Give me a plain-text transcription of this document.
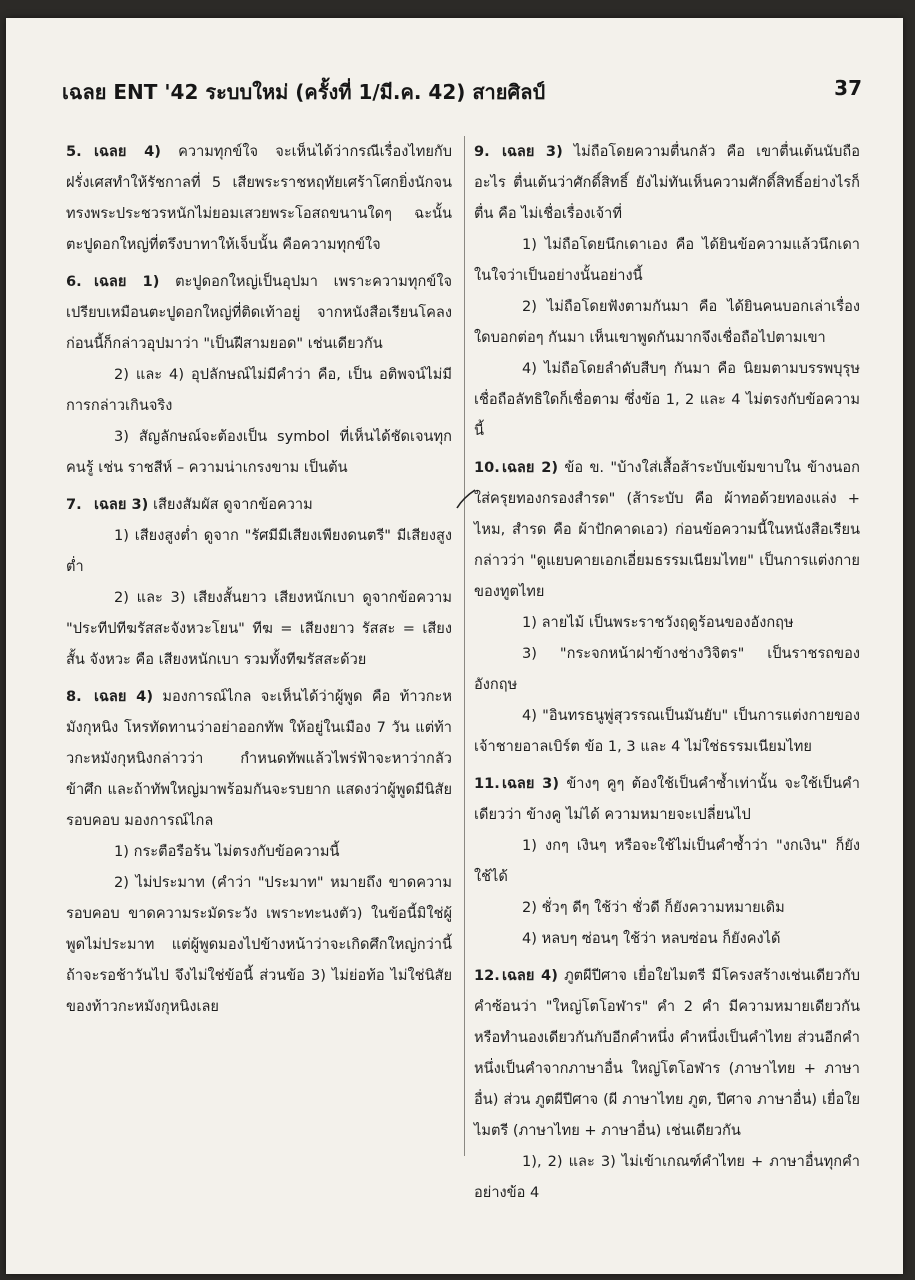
เฉลย ENT '42 ระบบใหม่ (ครั้งที่ 1/มี.ค. 42) สายศิลป์	37

5. เฉลย 4) ความทุกข์ใจ จะเห็นได้ว่ากรณีเรื่องไทยกับฝรั่งเศสทำให้รัชกาลที่ 5 เสียพระราชหฤทัยเศร้าโศกยิ่งนักจนทรงพระประชวรหนักไม่ยอมเสวยพระโอสถขนานใดๆ ฉะนั้นตะปูดอกใหญ่ที่ตรึงบาทาให้เจ็บนั้น คือความทุกข์ใจ

6. เฉลย 1) ตะปูดอกใหญ่เป็นอุปมา เพราะความทุกข์ใจเปรียบเหมือนตะปูดอกใหญ่ที่ติดเท้าอยู่ จากหนังสือเรียนโคลงก่อนนี้ก็กล่าวอุปมาว่า "เป็นฝีสามยอด" เช่นเดียวกัน

2) และ 4) อุปลักษณ์ไม่มีคำว่า คือ, เป็น อติพจน์ไม่มีการกล่าวเกินจริง

3) สัญลักษณ์จะต้องเป็น symbol ที่เห็นได้ชัดเจนทุกคนรู้ เช่น ราชสีห์ – ความน่าเกรงขาม เป็นต้น

7. เฉลย 3) เสียงสัมผัส ดูจากข้อความ

1) เสียงสูงต่ำ ดูจาก "รัศมีมีเสียงเพียงดนตรี" มีเสียงสูงต่ำ

2) และ 3) เสียงสั้นยาว เสียงหนักเบา ดูจากข้อความ "ประทีปทีฆรัสสะจังหวะโยน" ทีฆ = เสียงยาว รัสสะ = เสียงสั้น จังหวะ คือ เสียงหนักเบา รวมทั้งทีฆรัสสะด้วย

8. เฉลย 4) มองการณ์ไกล จะเห็นได้ว่าผู้พูด คือ ท้าวกะหมังกุหนิง โหรทัดทานว่าอย่าออกทัพ ให้อยู่ในเมือง 7 วัน แต่ท้าวกะหมังกุหนิงกล่าวว่า กำหนดทัพแล้วไพร่ฟ้าจะหาว่ากลัวข้าศึก และถ้าทัพใหญ่มาพร้อมกันจะรบยาก แสดงว่าผู้พูดมีนิสัยรอบคอบ มองการณ์ไกล

1) กระตือรือร้น ไม่ตรงกับข้อความนี้

2) ไม่ประมาท (คำว่า "ประมาท" หมายถึง ขาดความรอบคอบ ขาดความระมัดระวัง เพราะทะนงตัว) ในข้อนี้มิใช่ผู้พูดไม่ประมาท แต่ผู้พูดมองไปข้างหน้าว่าจะเกิดศึกใหญ่กว่านี้ถ้าจะรอช้าวันไป จึงไม่ใช่ข้อนี้ ส่วนข้อ 3) ไม่ย่อท้อ ไม่ใช่นิสัยของท้าวกะหมังกุหนิงเลย

9. เฉลย 3) ไม่ถือโดยความตื่นกลัว คือ เขาตื่นเต้นนับถืออะไร ตื่นเต้นว่าศักดิ์สิทธิ์ ยังไม่ทันเห็นความศักดิ์สิทธิ์อย่างไรก็ตื่น คือ ไม่เชื่อเรื่องเจ้าที่

1) ไม่ถือโดยนึกเดาเอง คือ ได้ยินข้อความแล้วนึกเดาในใจว่าเป็นอย่างนั้นอย่างนี้

2) ไม่ถือโดยฟังตามกันมา คือ ได้ยินคนบอกเล่าเรื่องใดบอกต่อๆ กันมา เห็นเขาพูดกันมากจึงเชื่อถือไปตามเขา

4) ไม่ถือโดยลำดับสืบๆ กันมา คือ นิยมตามบรรพบุรุษ เชื่อถือลัทธิใดก็เชื่อตาม ซึ่งข้อ 1, 2 และ 4 ไม่ตรงกับข้อความนี้

10. เฉลย 2) ข้อ ข. "บ้างใส่เสื้อส้าระบับเข้มขาบใน ข้างนอกใส่ครุยทองกรองสำรด" (ส้าระบับ คือ ผ้าทอด้วยทองแล่ง + ไหม, สำรด คือ ผ้าปักคาดเอว) ก่อนข้อความนี้ในหนังสือเรียนกล่าวว่า "ดูแยบคายเอกเอี่ยมธรรมเนียมไทย" เป็นการแต่งกายของทูตไทย

1) ลายไม้ เป็นพระราชวังฤดูร้อนของอังกฤษ

3) "กระจกหน้าฝาข้างช่างวิจิตร" เป็นราชรถของอังกฤษ

4) "อินทรธนูพู่สุวรรณเป็นมันยับ" เป็นการแต่งกายของเจ้าชายอาลเบิร์ต ข้อ 1, 3 และ 4 ไม่ใช่ธรรมเนียมไทย

11. เฉลย 3) ข้างๆ คูๆ ต้องใช้เป็นคำซ้ำเท่านั้น จะใช้เป็นคำเดียวว่า ข้างคู ไม่ได้ ความหมายจะเปลี่ยนไป

1) งกๆ เงินๆ หรือจะใช้ไม่เป็นคำซ้ำว่า "งกเงิน" ก็ยังใช้ได้

2) ชั่วๆ ดีๆ ใช้ว่า ชั่วดี ก็ยังความหมายเดิม

4) หลบๆ ซ่อนๆ ใช้ว่า หลบซ่อน ก็ยังคงได้

12. เฉลย 4) ภูตผีปีศาจ เยื่อใยไมตรี มีโครงสร้างเช่นเดียวกับคำซ้อนว่า "ใหญ่โตโอฬาร" คำ 2 คำ มีความหมายเดียวกันหรือทำนองเดียวกันกับอีกคำหนึ่ง คำหนึ่งเป็นคำไทย ส่วนอีกคำหนึ่งเป็นคำจากภาษาอื่น ใหญ่โตโอฬาร (ภาษาไทย + ภาษาอื่น) ส่วน ภูตผีปีศาจ (ผี ภาษาไทย ภูต, ปีศาจ ภาษาอื่น) เยื่อใยไมตรี (ภาษาไทย + ภาษาอื่น) เช่นเดียวกัน

1), 2) และ 3) ไม่เข้าเกณฑ์คำไทย + ภาษาอื่นทุกคำ อย่างข้อ 4
